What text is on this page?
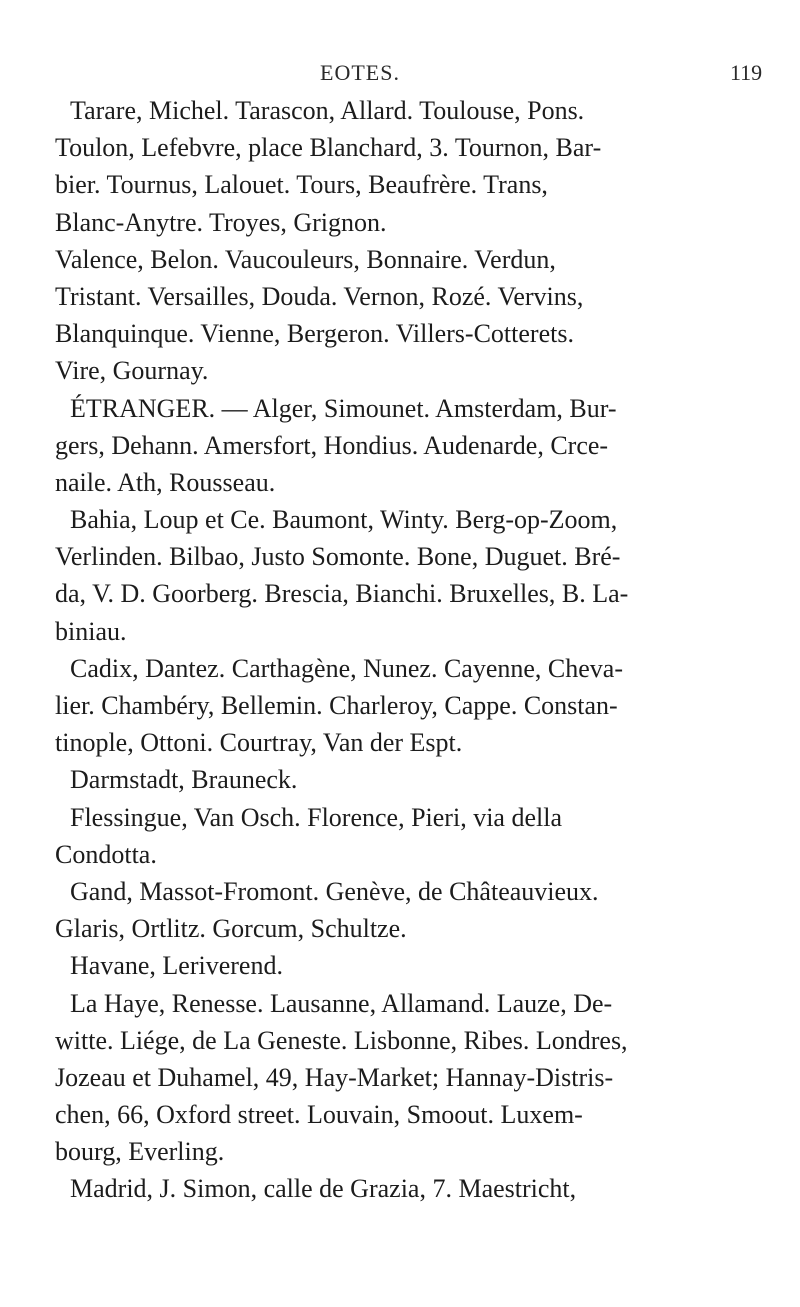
EOTES.	119
Tarare, Michel. Tarascon, Allard. Toulouse, Pons.
Toulon, Lefebvre, place Blanchard, 3. Tournon, Bar-
bier. Tournus, Lalouet. Tours, Beaufrère. Trans,
Blanc-Anytre. Troyes, Grignon.
Valence, Belon. Vaucouleurs, Bonnaire. Verdun,
Tristant. Versailles, Douda. Vernon, Rozé. Vervins,
Blanquinque. Vienne, Bergeron. Villers-Cotterets.
Vire, Gournay.
ÉTRANGER. — Alger, Simounet. Amsterdam, Bur-
gers, Dehann. Amersfort, Hondius. Audenarde, Crce-
naile. Ath, Rousseau.
Bahia, Loup et Ce. Baumont, Winty. Berg-op-Zoom,
Verlinden. Bilbao, Justo Somonte. Bone, Duguet. Bré-
da, V. D. Goorberg. Brescia, Bianchi. Bruxelles, B. La-
biniau.
Cadix, Dantez. Carthagène, Nunez. Cayenne, Cheva-
lier. Chambéry, Bellemin. Charleroy, Cappe. Constan-
tinople, Ottoni. Courtray, Van der Espt.
Darmstadt, Brauneck.
Flessingue, Van Osch. Florence, Pieri, via della
Condotta.
Gand, Massot-Fromont. Genève, de Châteauvieux.
Glaris, Ortlitz. Gorcum, Schultze.
Havane, Leriverend.
La Haye, Renesse. Lausanne, Allamand. Lauze, De-
witte. Liége, de La Geneste. Lisbonne, Ribes. Londres,
Jozeau et Duhamel, 49, Hay-Market; Hannay-Distris-
chen, 66, Oxford street. Louvain, Smoout. Luxem-
bourg, Everling.
Madrid, J. Simon, calle de Grazia, 7. Maestricht,
